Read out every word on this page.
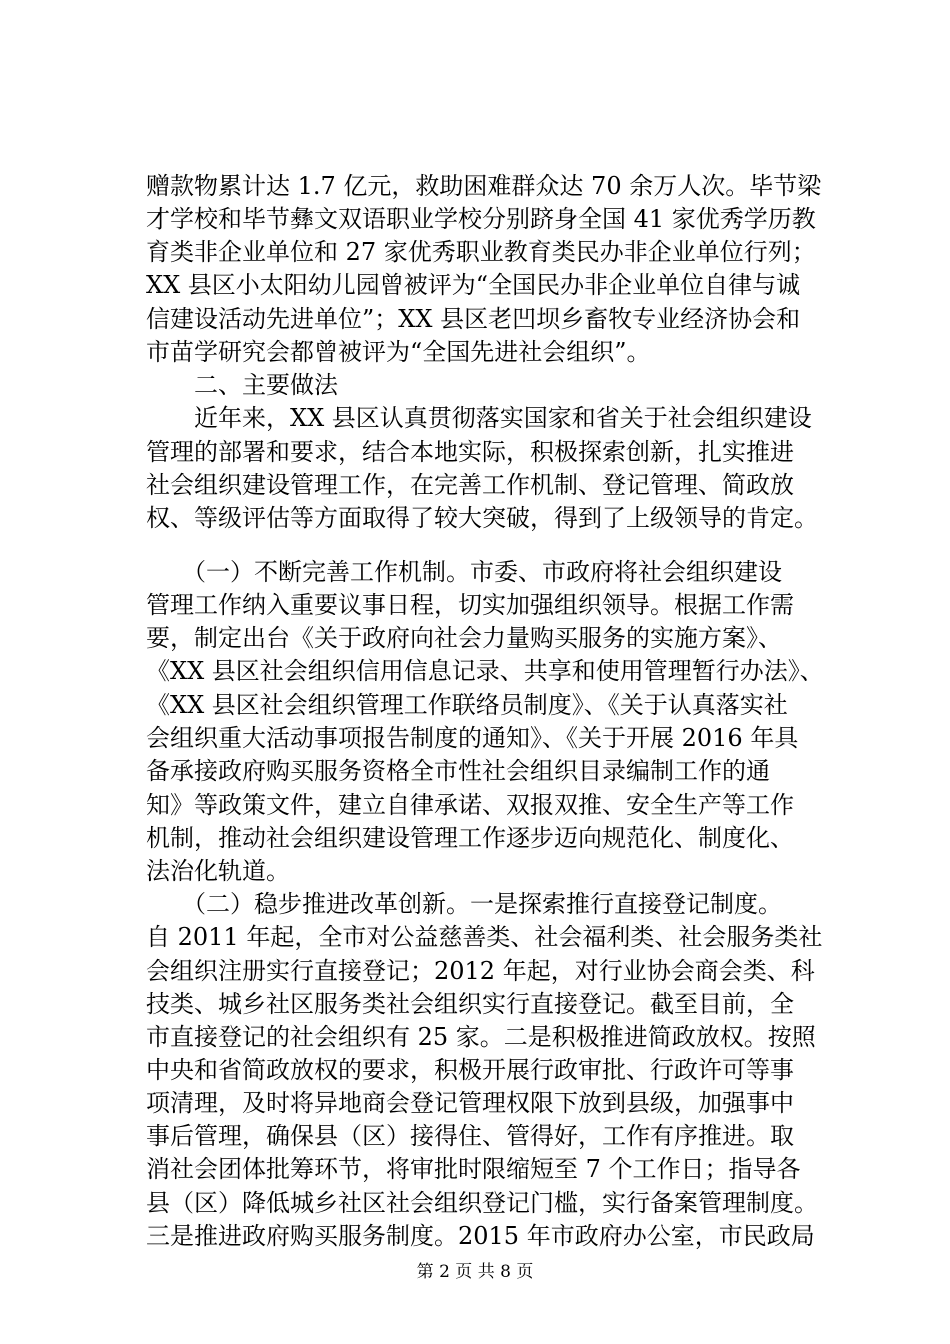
赠款物累计达 1.7 亿元，救助困难群众达 70 余万人次。毕节梁
才学校和毕节彝文双语职业学校分别跻身全国 41 家优秀学历教
育类非企业单位和 27 家优秀职业教育类民办非企业单位行列；
XX 县区小太阳幼儿园曾被评为“全国民办非企业单位自律与诚
信建设活动先进单位”；XX 县区老凹坝乡畜牧专业经济协会和
市苗学研究会都曾被评为“全国先进社会组织”。
　　二、主要做法
　　近年来，XX 县区认真贯彻落实国家和省关于社会组织建设
管理的部署和要求，结合本地实际，积极探索创新，扎实推进
社会组织建设管理工作，在完善工作机制、登记管理、简政放
权、等级评估等方面取得了较大突破，得到了上级领导的肯定。
　　（一）不断完善工作机制。市委、市政府将社会组织建设
管理工作纳入重要议事日程，切实加强组织领导。根据工作需
要，制定出台《关于政府向社会力量购买服务的实施方案》、
《XX 县区社会组织信用信息记录、共享和使用管理暂行办法》、
《XX 县区社会组织管理工作联络员制度》、《关于认真落实社
会组织重大活动事项报告制度的通知》、《关于开展 2016 年具
备承接政府购买服务资格全市性社会组织目录编制工作的通
知》等政策文件，建立自律承诺、双报双推、安全生产等工作
机制，推动社会组织建设管理工作逐步迈向规范化、制度化、
法治化轨道。
　　（二）稳步推进改革创新。一是探索推行直接登记制度。
自 2011 年起，全市对公益慈善类、社会福利类、社会服务类社
会组织注册实行直接登记；2012 年起，对行业协会商会类、科
技类、城乡社区服务类社会组织实行直接登记。截至目前，全
市直接登记的社会组织有 25 家。二是积极推进简政放权。按照
中央和省简政放权的要求，积极开展行政审批、行政许可等事
项清理，及时将异地商会登记管理权限下放到县级，加强事中
事后管理，确保县（区）接得住、管得好，工作有序推进。取
消社会团体批筹环节，将审批时限缩短至 7 个工作日；指导各
县（区）降低城乡社区社会组织登记门槛，实行备案管理制度。
三是推进政府购买服务制度。2015 年市政府办公室，市民政局
第 2 页 共 8 页
